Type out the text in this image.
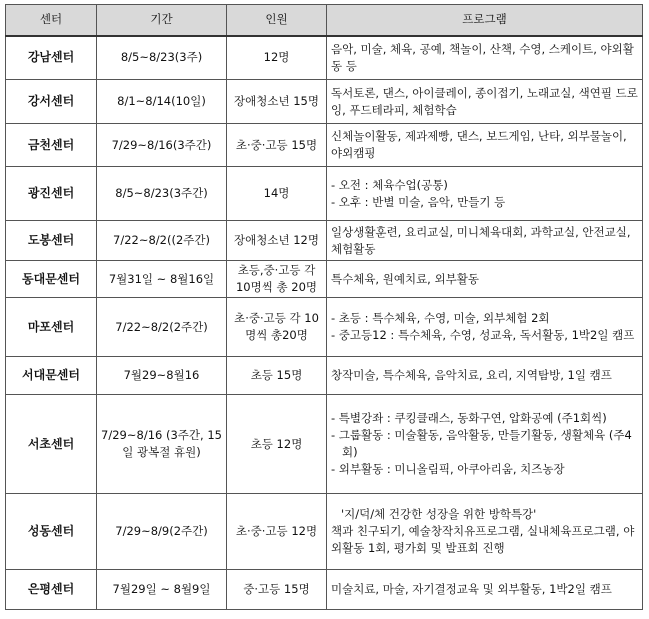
센터	기간	인원	프로그램
강남센터	8/5~8/23(3주)	12명	음악, 미술, 체육, 공예, 책놀이, 산책, 수영, 스케이트, 야외활동 등
강서센터	8/1~8/14(10일)	장애청소년 15명	독서토론, 댄스, 아이클레이, 종이접기, 노래교실, 색연필 드로잉, 푸드테라피, 체험학습
금천센터	7/29~8/16(3주간)	초·중·고등 15명	신체놀이활동, 제과제빵, 댄스, 보드게임, 난타, 외부물놀이, 야외캠핑
광진센터	8/5~8/23(3주간)	14명	- 오전 : 체육수업(공통)
- 오후 : 반별 미술, 음악, 만들기 등

도봉센터	7/22~8/2((2주간)	장애청소년 12명	일상생활훈련, 요리교실, 미니체육대회, 과학교실, 안전교실, 체험활동
동대문센터	7월31일 ~ 8월16일	초등,중·고등 각 10명씩 총 20명	특수체육, 원예치료, 외부활동
마포센터	7/22~8/2(2주간)	초·중·고등 각 10명씩 총20명	- 초등 : 특수체육, 수영, 미술, 외부체험 2회
- 중고등12 : 특수체육, 수영, 성교육, 독서활동, 1박2일 캠프

서대문센터	7월29~8월16	초등 15명	창작미술, 특수체육, 음악치료, 요리, 지역탐방, 1일 캠프
서초센터	7/29~8/16 (3주간, 15일 광복절 휴원)	초등 12명	- 특별강좌 : 쿠킹클래스, 동화구연, 압화공예 (주1회씩)
- 그룹활동 : 미술활동, 음악활동, 만들기활동, 생활체육 (주4회)
- 외부활동 : 미니올림픽, 아쿠아리움, 치즈농장

성동센터	7/29~8/9(2주간)	초·중·고등 12명	'지/덕/체 건강한 성장을 위한 방학특강'
책과 친구되기, 예술창작치유프로그램, 실내체육프로그램, 야외활동 1회, 평가회 및 발표회 진행

은평센터	7월29일 ~ 8월9일	중·고등 15명	미술치료, 마술, 자기결정교육 및 외부활동, 1박2일 캠프
